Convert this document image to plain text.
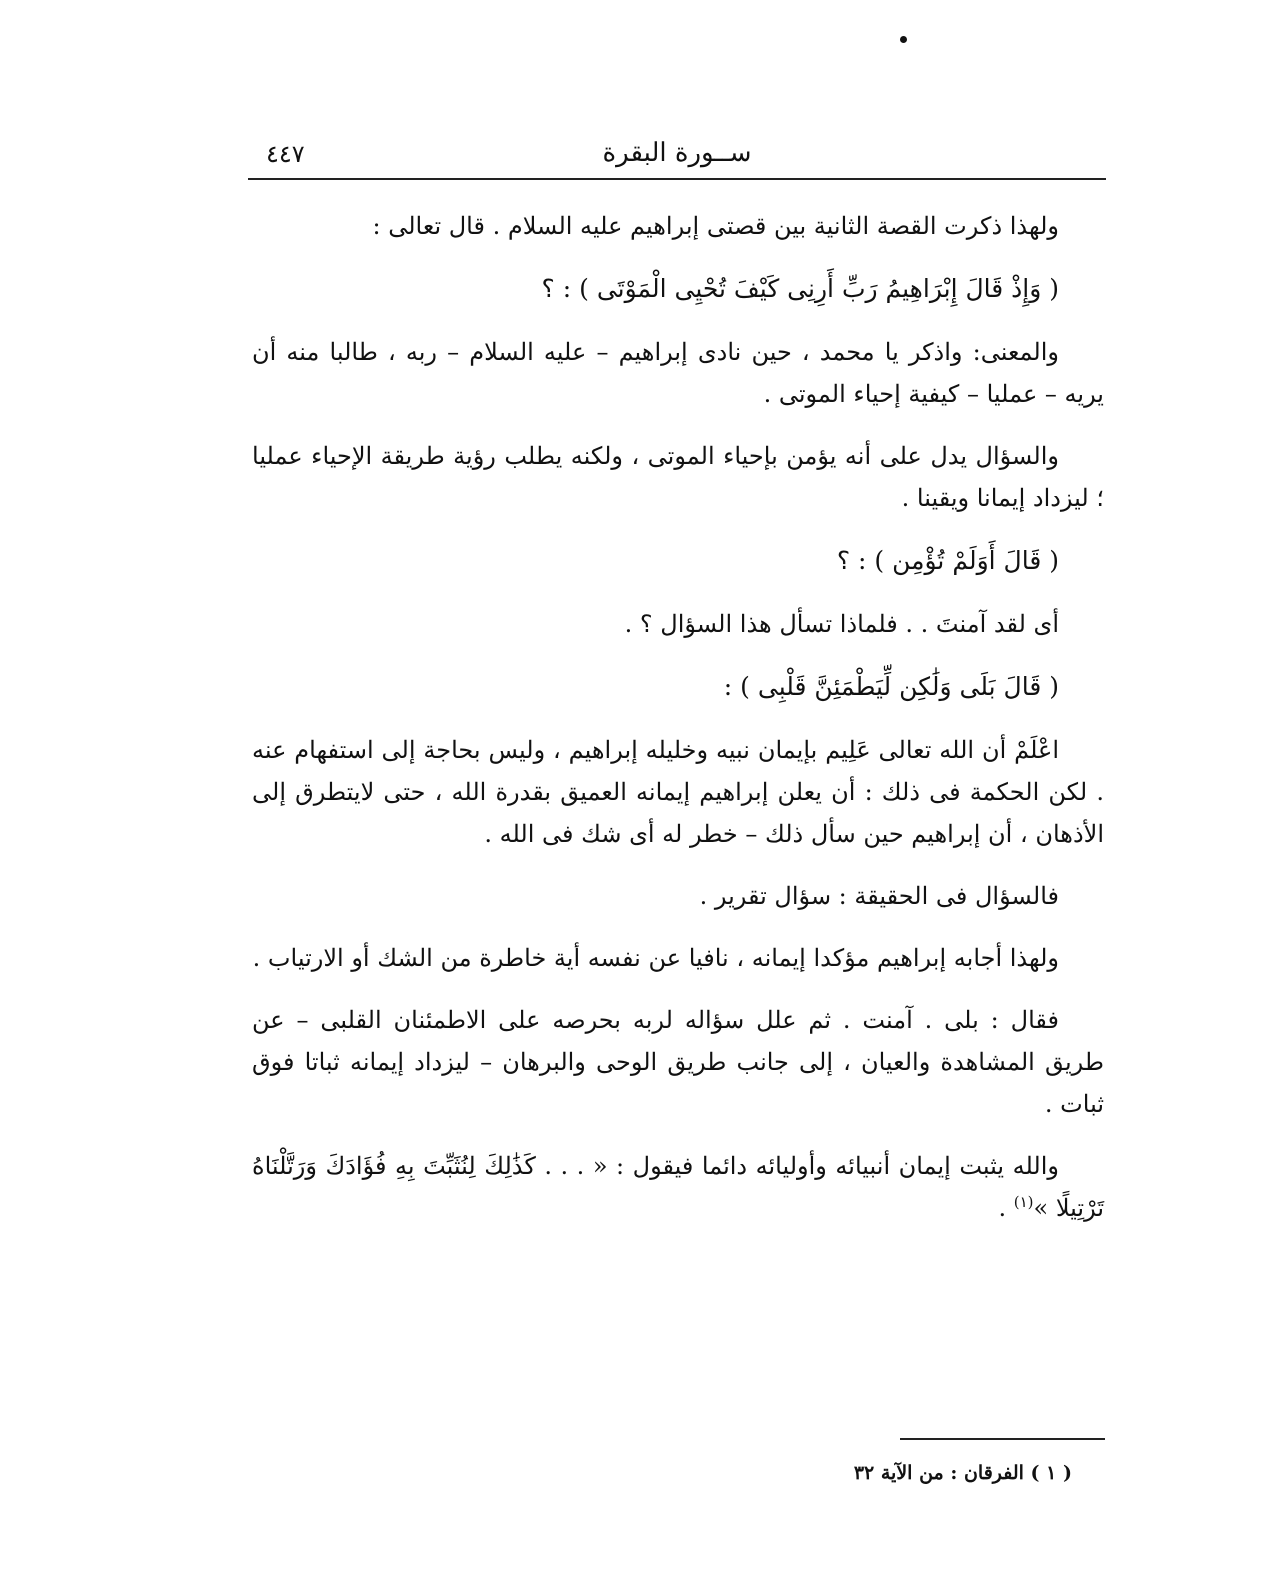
ســورة البقرة
٤٤٧

ولهذا ذكرت القصة الثانية بين قصتى إبراهيم عليه السلام . قال تعالى :

( وَإِذْ قَالَ إِبْرَاهِيمُ رَبِّ أَرِنِى كَيْفَ تُحْيِى الْمَوْتَى ) : ؟

والمعنى: واذكر يا محمد ، حين نادى إبراهيم – عليه السلام – ربه ، طالبا منه أن يريه – عمليا – كيفية إحياء الموتى .

والسؤال يدل على أنه يؤمن بإحياء الموتى ، ولكنه يطلب رؤية طريقة الإحياء عمليا ؛ ليزداد إيمانا ويقينا .

( قَالَ أَوَلَمْ تُؤْمِن ) : ؟

أى لقد آمنتَ . . فلماذا تسأل هذا السؤال ؟ .

( قَالَ بَلَى وَلَٰكِن لِّيَطْمَئِنَّ قَلْبِى ) :

اعْلَمْ أن الله تعالى عَلِيم بإيمان نبيه وخليله إبراهيم ، وليس بحاجة إلى استفهام عنه . لكن الحكمة فى ذلك : أن يعلن إبراهيم إيمانه العميق بقدرة الله ، حتى لايتطرق إلى الأذهان ، أن إبراهيم حين سأل ذلك – خطر له أى شك فى الله .

فالسؤال فى الحقيقة : سؤال تقرير .

ولهذا أجابه إبراهيم مؤكدا إيمانه ، نافيا عن نفسه أية خاطرة من الشك أو الارتياب .

فقال : بلى . آمنت . ثم علل سؤاله لربه بحرصه على الاطمئنان القلبى – عن طريق المشاهدة والعيان ، إلى جانب طريق الوحى والبرهان – ليزداد إيمانه ثباتا فوق ثبات .

والله يثبت إيمان أنبيائه وأوليائه دائما فيقول : « . . . كَذَٰلِكَ لِنُثَبِّتَ بِهِ فُؤَادَكَ وَرَتَّلْنَاهُ تَرْتِيلًا »$^{(١)}$ .

( ١ ) الفرقان : من الآية ٣٢
